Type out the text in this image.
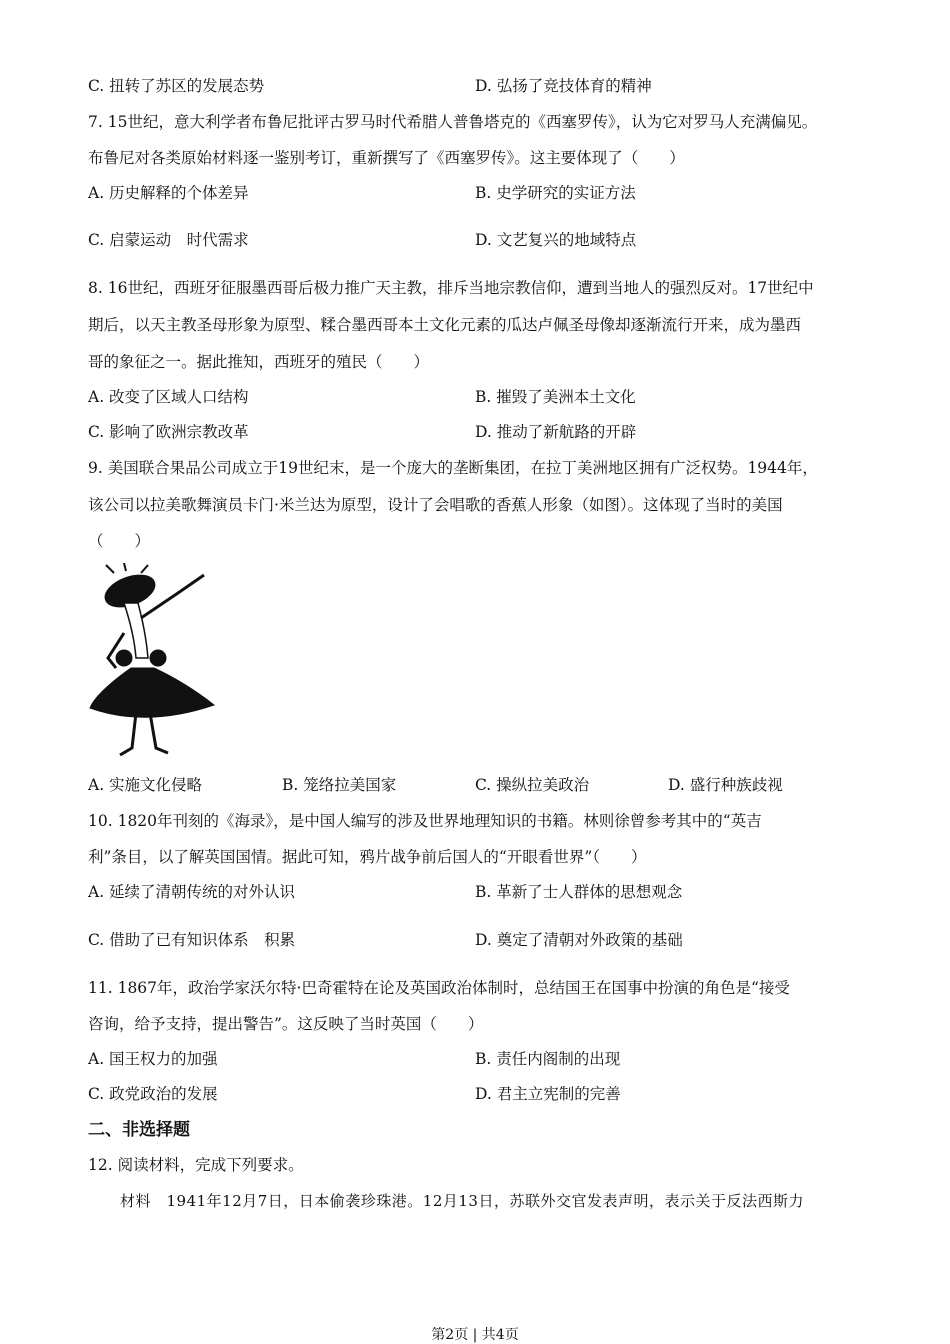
C. 扭转了苏区的发展态势	D. 弘扬了竞技体育的精神
7. 15世纪，意大利学者布鲁尼批评古罗马时代希腊人普鲁塔克的《西塞罗传》，认为它对罗马人充满偏见。
布鲁尼对各类原始材料逐一鉴别考订，重新撰写了《西塞罗传》。这主要体现了（　　）
A. 历史解释的个体差异	B. 史学研究的实证方法
C. 启蒙运动　时代需求	D. 文艺复兴的地域特点
8. 16世纪，西班牙征服墨西哥后极力推广天主教，排斥当地宗教信仰，遭到当地人的强烈反对。17世纪中
期后，以天主教圣母形象为原型、糅合墨西哥本土文化元素的瓜达卢佩圣母像却逐渐流行开来，成为墨西
哥的象征之一。据此推知，西班牙的殖民（　　）
A. 改变了区域人口结构	B. 摧毁了美洲本土文化
C. 影响了欧洲宗教改革	D. 推动了新航路的开辟
9. 美国联合果品公司成立于19世纪末，是一个庞大的垄断集团，在拉丁美洲地区拥有广泛权势。1944年，
该公司以拉美歌舞演员卡门·米兰达为原型，设计了会唱歌的香蕉人形象（如图）。这体现了当时的美国
（　　）
A. 实施文化侵略	B. 笼络拉美国家	C. 操纵拉美政治	D. 盛行种族歧视
10. 1820年刊刻的《海录》，是中国人编写的涉及世界地理知识的书籍。林则徐曾参考其中的“英吉
利”条目，以了解英国国情。据此可知，鸦片战争前后国人的“开眼看世界”（　　）
A. 延续了清朝传统的对外认识	B. 革新了士人群体的思想观念
C. 借助了已有知识体系　积累	D. 奠定了清朝对外政策的基础
11. 1867年，政治学家沃尔特·巴奇霍特在论及英国政治体制时，总结国王在国事中扮演的角色是“接受
咨询，给予支持，提出警告”。这反映了当时英国（　　）
A. 国王权力的加强	B. 责任内阁制的出现
C. 政党政治的发展	D. 君主立宪制的完善
二、非选择题
12. 阅读材料，完成下列要求。
材料　1941年12月7日，日本偷袭珍珠港。12月13日，苏联外交官发表声明，表示关于反法西斯力
第2页 | 共4页
